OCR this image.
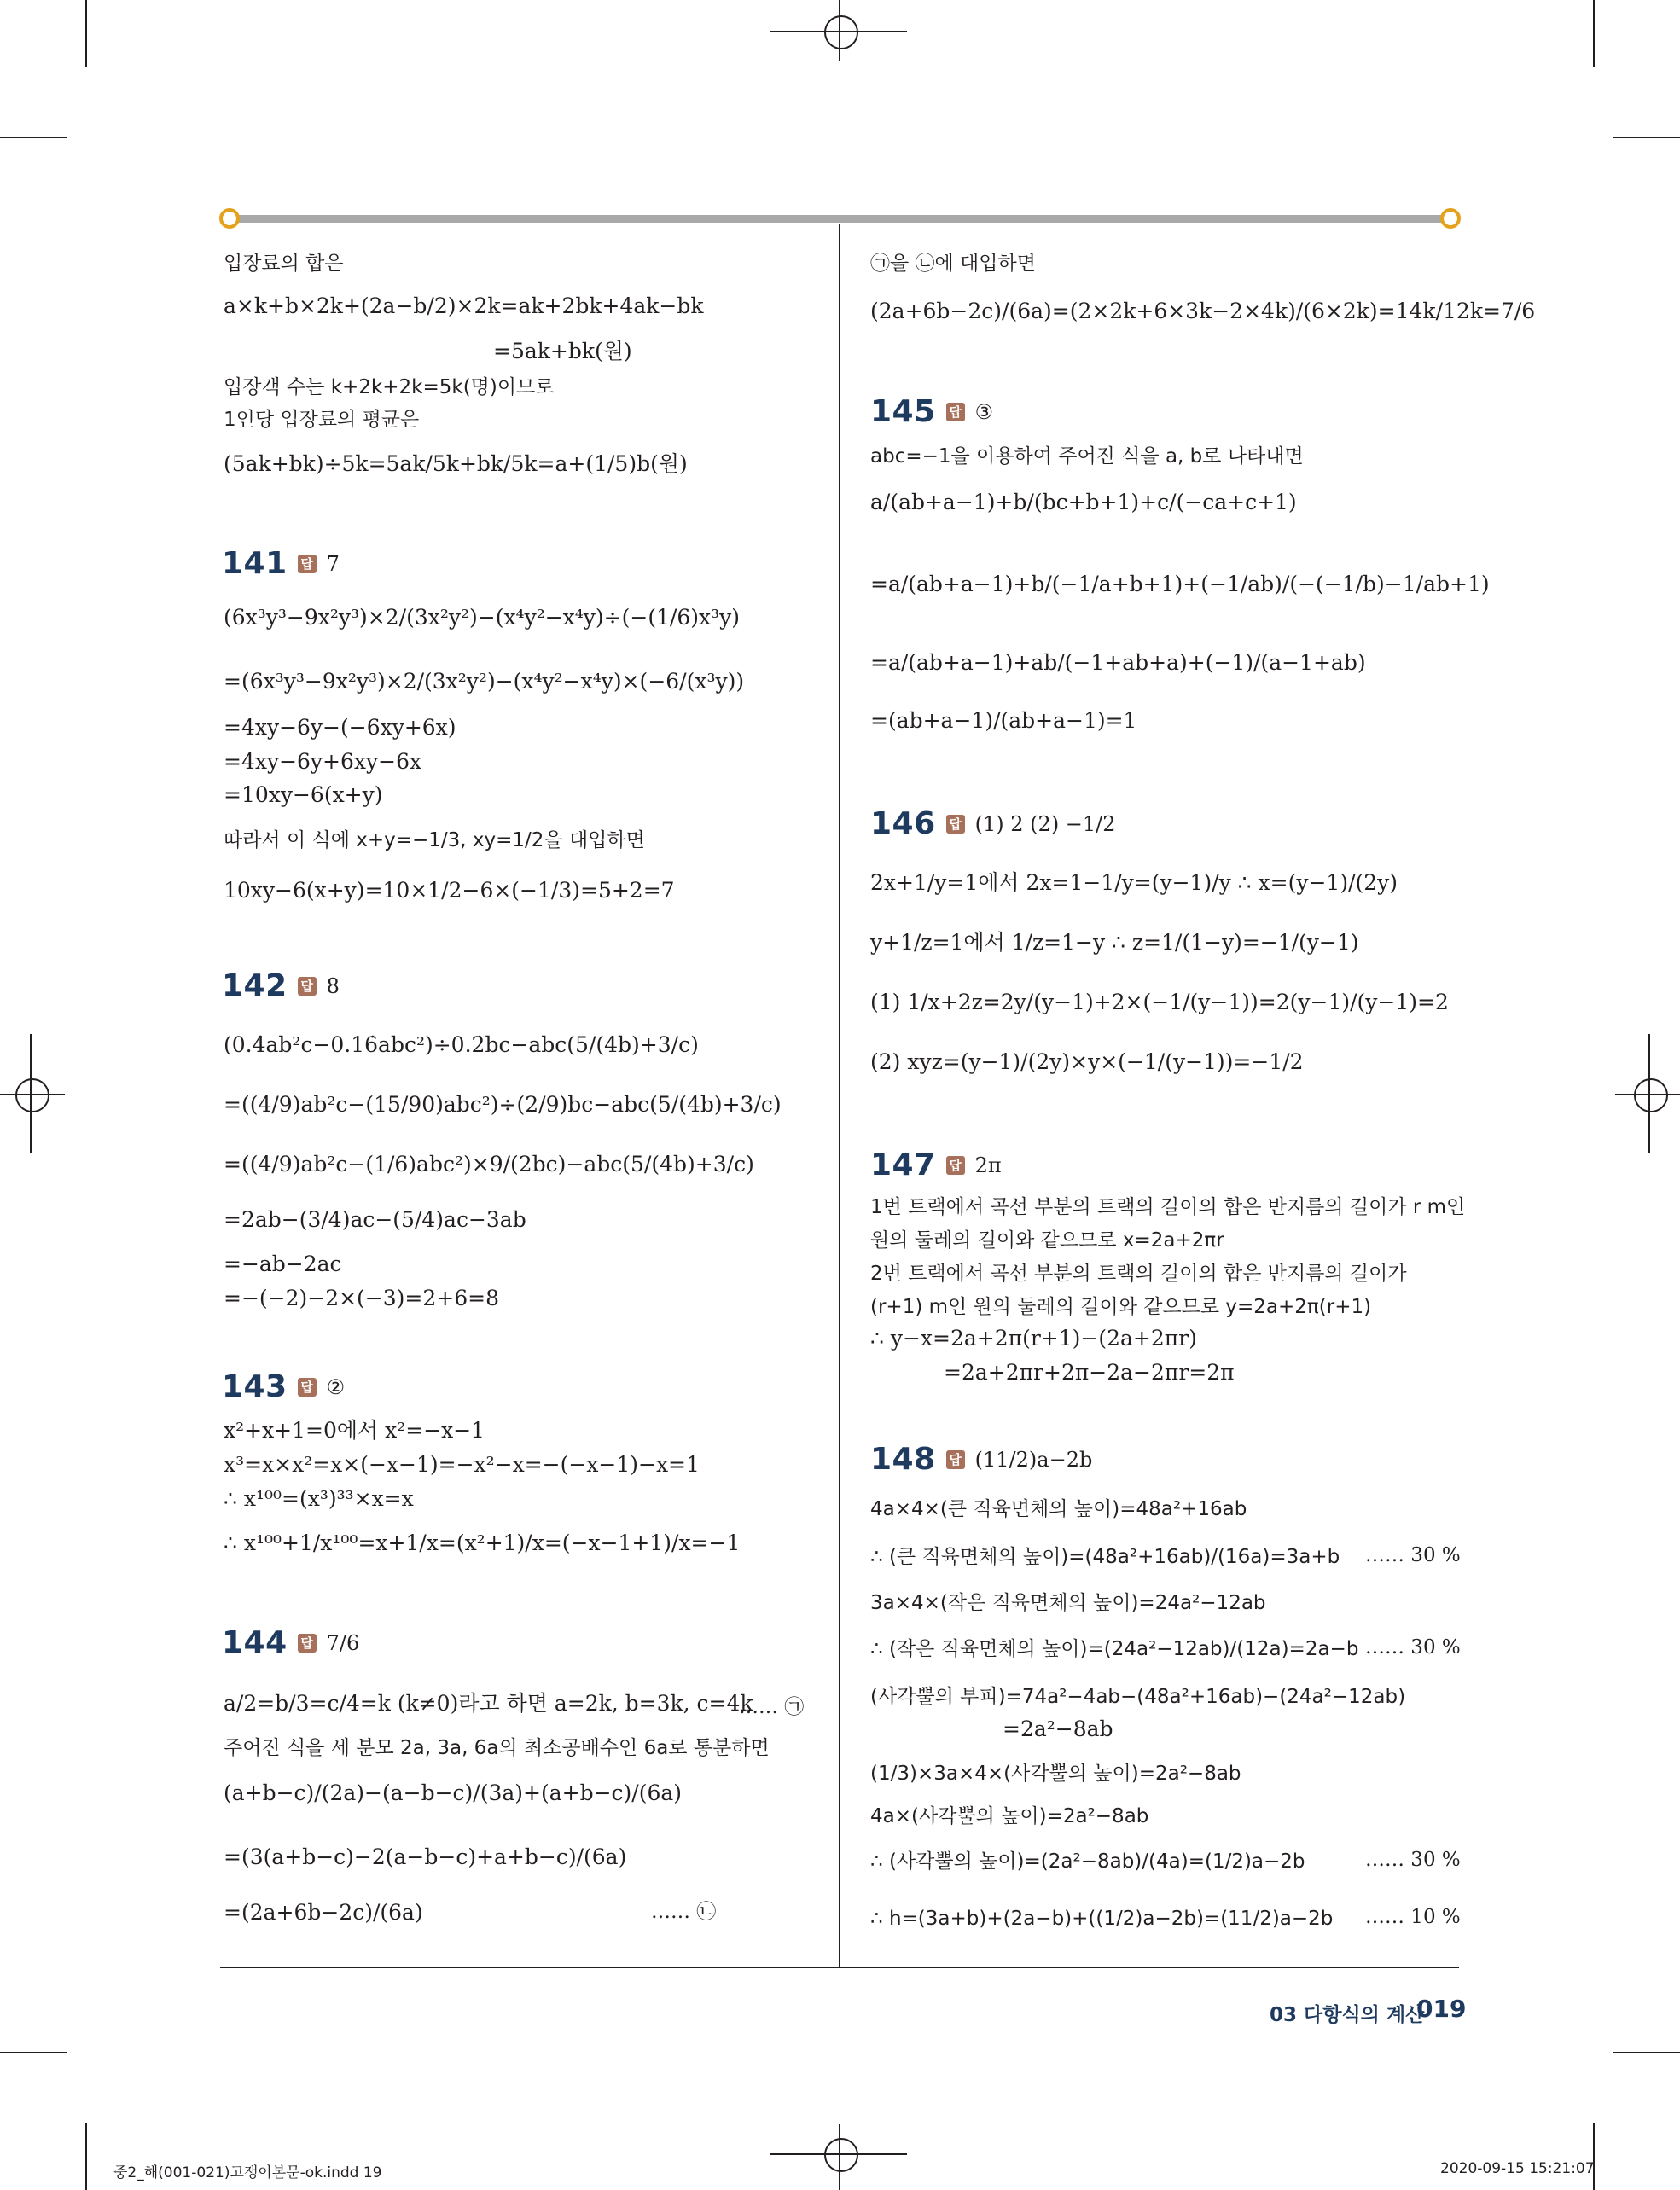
입장료의 합은
a×k+b×2k+(2a−b/2)×2k=ak+2bk+4ak−bk
=5ak+bk(원)
입장객 수는 k+2k+2k=5k(명)이므로
1인당 입장료의 평균은
(5ak+bk)÷5k=5ak/5k+bk/5k=a+(1/5)b(원)
141 답 7
(6x³y³−9x²y³)×2/(3x²y²)−(x⁴y²−x⁴y)÷(−(1/6)x³y)
=(6x³y³−9x²y³)×2/(3x²y²)−(x⁴y²−x⁴y)×(−6/(x³y))
=4xy−6y−(−6xy+6x)
=4xy−6y+6xy−6x
=10xy−6(x+y)
따라서 이 식에 x+y=−1/3, xy=1/2을 대입하면
10xy−6(x+y)=10×1/2−6×(−1/3)=5+2=7
142 답 8
(0.4̇ab²c−0.16̇abc²)÷0.2̇bc−abc(5/(4b)+3/c)
=((4/9)ab²c−(15/90)abc²)÷(2/9)bc−abc(5/(4b)+3/c)
=((4/9)ab²c−(1/6)abc²)×9/(2bc)−abc(5/(4b)+3/c)
=2ab−(3/4)ac−(5/4)ac−3ab
=−ab−2ac
=−(−2)−2×(−3)=2+6=8
143 답 ②
x²+x+1=0에서 x²=−x−1
x³=x×x²=x×(−x−1)=−x²−x=−(−x−1)−x=1
∴ x¹⁰⁰=(x³)³³×x=x
∴ x¹⁰⁰+1/x¹⁰⁰=x+1/x=(x²+1)/x=(−x−1+1)/x=−1
144 답 7/6
a/2=b/3=c/4=k (k≠0)라고 하면 a=2k, b=3k, c=4k
주어진 식을 세 분모 2a, 3a, 6a의 최소공배수인 6a로 통분하면
(a+b−c)/(2a)−(a−b−c)/(3a)+(a+b−c)/(6a)
=(3(a+b−c)−2(a−b−c)+a+b−c)/(6a)
=(2a+6b−2c)/(6a)
…… ㉠
…… ㉡
㉠을 ㉡에 대입하면
(2a+6b−2c)/(6a)=(2×2k+6×3k−2×4k)/(6×2k)=14k/12k=7/6
145 답 ③
abc=−1을 이용하여 주어진 식을 a, b로 나타내면
a/(ab+a−1)+b/(bc+b+1)+c/(−ca+c+1)
=a/(ab+a−1)+b/(−1/a+b+1)+(−1/ab)/(−(−1/b)−1/ab+1)
=a/(ab+a−1)+ab/(−1+ab+a)+(−1)/(a−1+ab)
=(ab+a−1)/(ab+a−1)=1
146 답 (1) 2 (2) −1/2
2x+1/y=1에서 2x=1−1/y=(y−1)/y ∴ x=(y−1)/(2y)
y+1/z=1에서 1/z=1−y ∴ z=1/(1−y)=−1/(y−1)
(1) 1/x+2z=2y/(y−1)+2×(−1/(y−1))=2(y−1)/(y−1)=2
(2) xyz=(y−1)/(2y)×y×(−1/(y−1))=−1/2
147 답 2π
1번 트랙에서 곡선 부분의 트랙의 길이의 합은 반지름의 길이가 r m인
원의 둘레의 길이와 같으므로 x=2a+2πr
2번 트랙에서 곡선 부분의 트랙의 길이의 합은 반지름의 길이가
(r+1) m인 원의 둘레의 길이와 같으므로 y=2a+2π(r+1)
∴ y−x=2a+2π(r+1)−(2a+2πr)
=2a+2πr+2π−2a−2πr=2π
148 답 (11/2)a−2b
4a×4×(큰 직육면체의 높이)=48a²+16ab
∴ (큰 직육면체의 높이)=(48a²+16ab)/(16a)=3a+b
3a×4×(작은 직육면체의 높이)=24a²−12ab
∴ (작은 직육면체의 높이)=(24a²−12ab)/(12a)=2a−b
(사각뿔의 부피)=74a²−4ab−(48a²+16ab)−(24a²−12ab)
=2a²−8ab
(1/3)×3a×4×(사각뿔의 높이)=2a²−8ab
4a×(사각뿔의 높이)=2a²−8ab
∴ (사각뿔의 높이)=(2a²−8ab)/(4a)=(1/2)a−2b
∴ h=(3a+b)+(2a−b)+((1/2)a−2b)=(11/2)a−2b
…… 30 %
…… 30 %
…… 30 %
…… 10 %
03 다항식의 계산
019
중2_해(001-021)고쟁이본문-ok.indd 19	2020-09-15 15:21:07
